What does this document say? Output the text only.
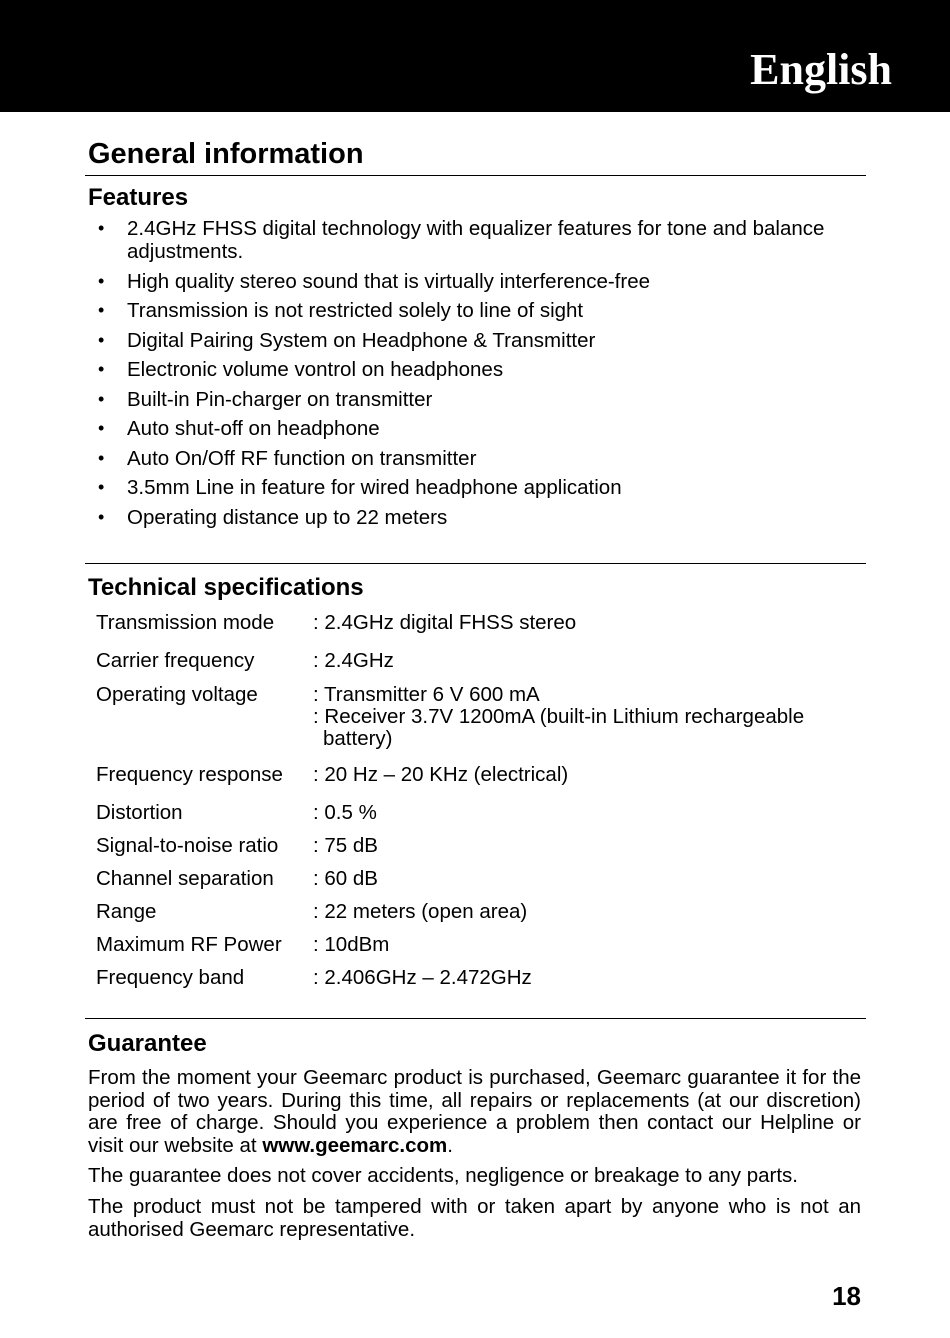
English
General information
Features
• 2.4GHz FHSS digital technology with equalizer features for tone and balance adjustments.
• High quality stereo sound that is virtually interference-free
• Transmission is not restricted solely to line of sight
• Digital Pairing System on Headphone & Transmitter
• Electronic volume vontrol on headphones
• Built-in Pin-charger on transmitter
• Auto shut-off on headphone
• Auto On/Off RF function on transmitter
• 3.5mm Line in feature for wired headphone application
• Operating distance up to 22 meters
Technical specifications
Transmission mode	: 2.4GHz digital FHSS stereo
Carrier frequency	: 2.4GHz
Operating voltage	: Transmitter 6 V 600 mA
: Receiver 3.7V 1200mA (built-in Lithium rechargeable
battery)
Frequency response	: 20 Hz – 20 KHz (electrical)
Distortion	: 0.5 %
Signal-to-noise ratio	: 75 dB
Channel separation	: 60 dB
Range	: 22 meters (open area)
Maximum RF Power	: 10dBm
Frequency band	: 2.406GHz – 2.472GHz
Guarantee

From the moment your Geemarc product is purchased, Geemarc guarantee it for the period of two years. During this time, all repairs or replacements (at our discretion) are free of charge. Should you experience a problem then contact our Helpline or visit our website at www.geemarc.com.

The guarantee does not cover accidents, negligence or breakage to any parts.

The product must not be tampered with or taken apart by anyone who is not an authorised Geemarc representative.

18
